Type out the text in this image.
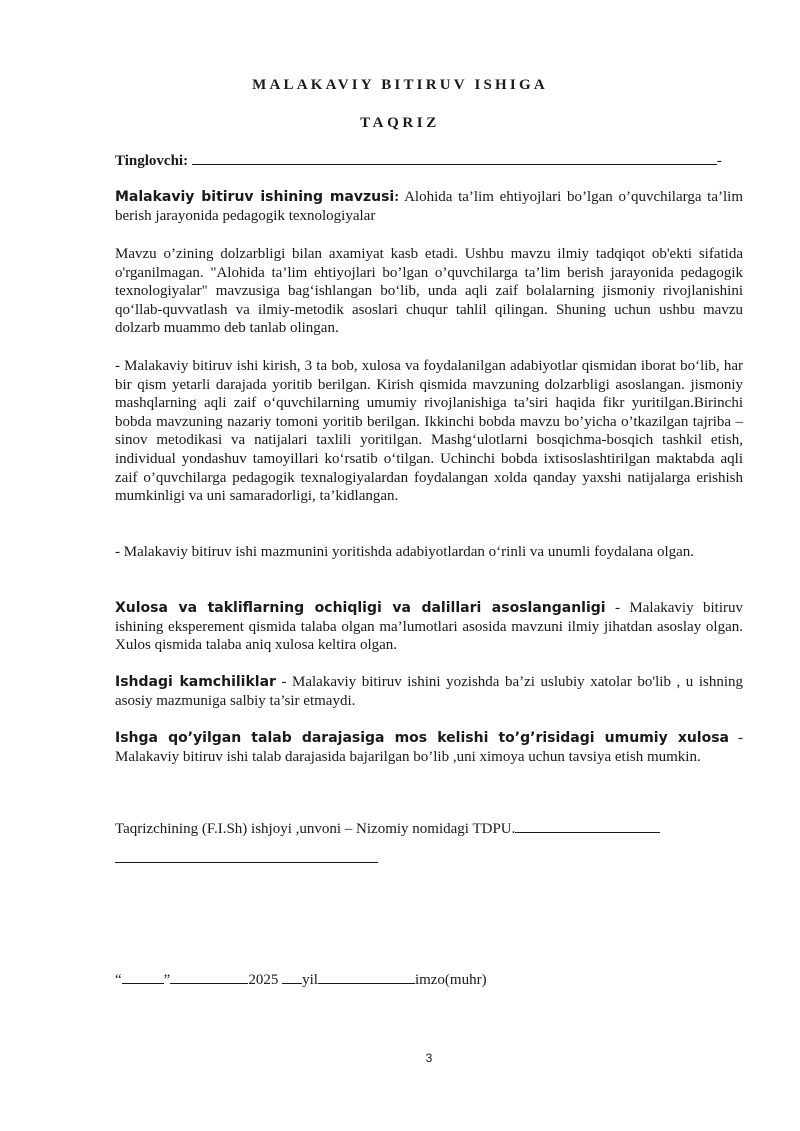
MALAKAVIY BITIRUV ISHIGA
TAQRIZ
Tinglovchi:	-
Malakaviy bitiruv ishining mavzusi: Alohida ta’lim ehtiyojlari bo’lgan o’quvchilarga ta’lim berish jarayonida pedagogik texnologiyalar
Mavzu o’zining dolzarbligi bilan axamiyat kasb etadi. Ushbu mavzu ilmiy tadqiqot ob'ekti sifatida o'rganilmagan. "Alohida ta’lim ehtiyojlari bo’lgan o’quvchilarga ta’lim berish jarayonida pedagogik texnologiyalar" mavzusiga bag‘ishlangan bo‘lib, unda aqli zaif bolalarning jismoniy rivojlanishini qo‘llab-quvvatlash va ilmiy-metodik asoslari chuqur tahlil qilingan. Shuning uchun ushbu mavzu dolzarb muammo deb tanlab olingan.
- Malakaviy bitiruv ishi kirish, 3 ta bob, xulosa va foydalanilgan adabiyotlar qismidan iborat bo‘lib, har bir qism yetarli darajada yoritib berilgan. Kirish qismida mavzuning dolzarbligi asoslangan. jismoniy mashqlarning aqli zaif o‘quvchilarning umumiy rivojlanishiga ta’siri haqida fikr yuritilgan.Birinchi bobda mavzuning nazariy tomoni yoritib berilgan. Ikkinchi bobda mavzu bo’yicha o’tkazilgan tajriba –sinov metodikasi va natijalari taxlili yoritilgan. Mashg‘ulotlarni bosqichma-bosqich tashkil etish, individual yondashuv tamoyillari ko‘rsatib o‘tilgan. Uchinchi bobda ixtisoslashtirilgan maktabda aqli zaif o’quvchilarga pedagogik texnalogiyalardan foydalangan xolda qanday yaxshi natijalarga erishish mumkinligi va uni samaradorligi, ta’kidlangan.
- Malakaviy bitiruv ishi mazmunini yoritishda adabiyotlardan o‘rinli va unumli foydalana olgan.
Xulosa va takliflarning ochiqligi va dalillari asoslanganligi - Malakaviy bitiruv ishining eksperement qismida talaba olgan ma’lumotlari asosida mavzuni ilmiy jihatdan asoslay olgan. Xulos qismida talaba aniq xulosa keltira olgan.
Ishdagi kamchiliklar - Malakaviy bitiruv ishini yozishda ba’zi uslubiy xatolar bo'lib , u ishning asosiy mazmuniga salbiy ta’sir etmaydi.
Ishga qo’yilgan talab darajasiga mos kelishi to’g’risidagi umumiy xulosa - Malakaviy bitiruv ishi talab darajasida bajarilgan bo’lib ,uni ximoya uchun tavsiya etish mumkin.
Taqrizchining (F.I.Sh) ishjoyi ,unvoni – Nizomiy nomidagi TDPU.
“	”	2025 yil	imzo(muhr)
3
